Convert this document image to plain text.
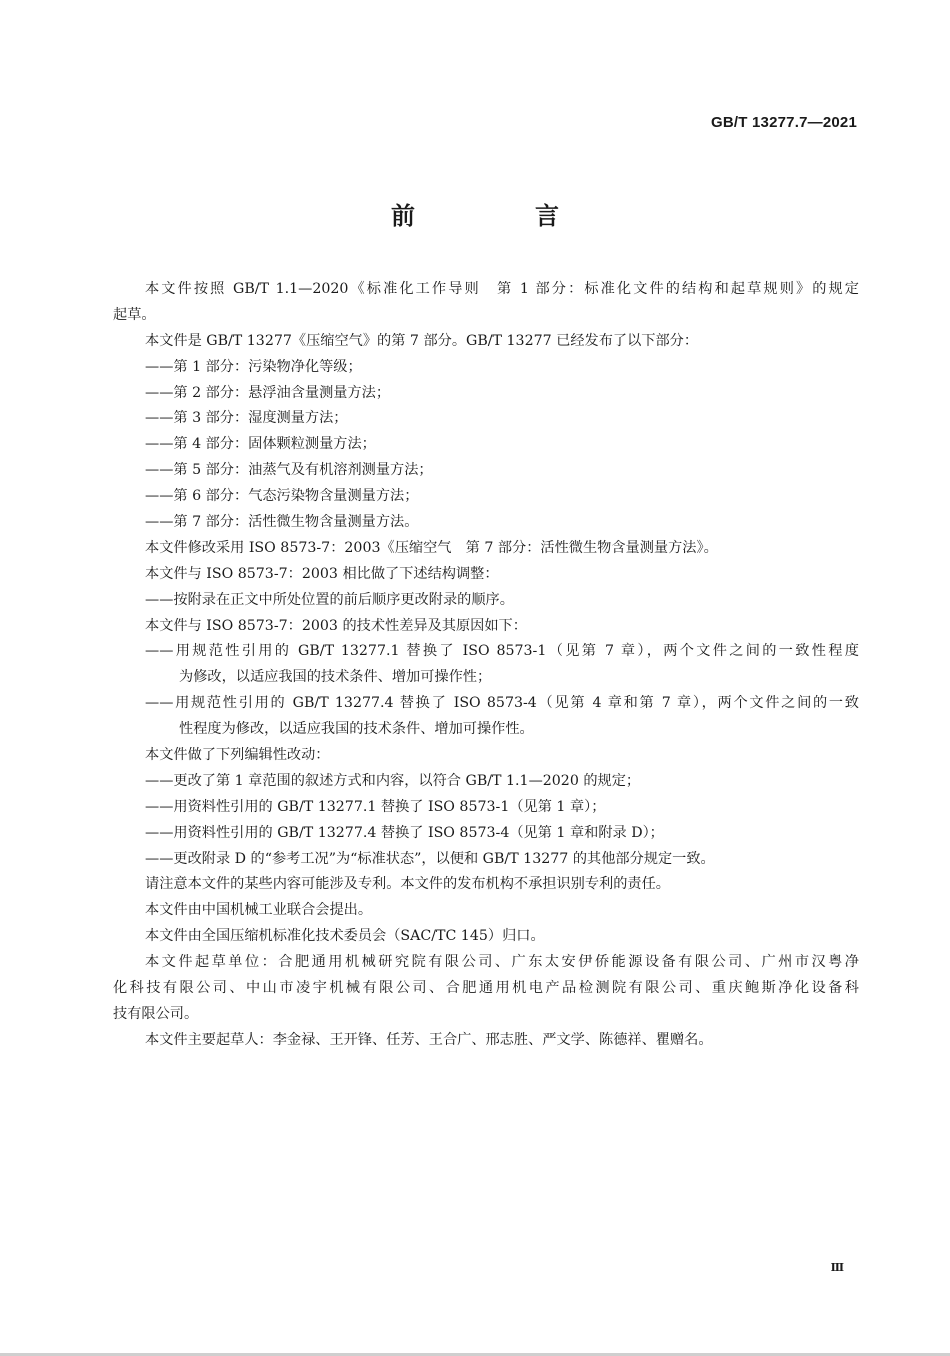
GB/T 13277.7—2021
前　言
本文件按照 GB/T 1.1—2020《标准化工作导则　第 1 部分：标准化文件的结构和起草规则》的规定
起草。
本文件是 GB/T 13277《压缩空气》的第 7 部分。GB/T 13277 已经发布了以下部分：
——第 1 部分：污染物净化等级；
——第 2 部分：悬浮油含量测量方法；
——第 3 部分：湿度测量方法；
——第 4 部分：固体颗粒测量方法；
——第 5 部分：油蒸气及有机溶剂测量方法；
——第 6 部分：气态污染物含量测量方法；
——第 7 部分：活性微生物含量测量方法。
本文件修改采用 ISO 8573-7：2003《压缩空气　第 7 部分：活性微生物含量测量方法》。
本文件与 ISO 8573-7：2003 相比做了下述结构调整：
——按附录在正文中所处位置的前后顺序更改附录的顺序。
本文件与 ISO 8573-7：2003 的技术性差异及其原因如下：
——用规范性引用的 GB/T 13277.1 替换了 ISO 8573-1（见第 7 章），两个文件之间的一致性程度
为修改，以适应我国的技术条件、增加可操作性；
——用规范性引用的 GB/T 13277.4 替换了 ISO 8573-4（见第 4 章和第 7 章），两个文件之间的一致
性程度为修改，以适应我国的技术条件、增加可操作性。
本文件做了下列编辑性改动：
——更改了第 1 章范围的叙述方式和内容，以符合 GB/T 1.1—2020 的规定；
——用资料性引用的 GB/T 13277.1 替换了 ISO 8573-1（见第 1 章）；
——用资料性引用的 GB/T 13277.4 替换了 ISO 8573-4（见第 1 章和附录 D）；
——更改附录 D 的“参考工况”为“标准状态”，以便和 GB/T 13277 的其他部分规定一致。
请注意本文件的某些内容可能涉及专利。本文件的发布机构不承担识别专利的责任。
本文件由中国机械工业联合会提出。
本文件由全国压缩机标准化技术委员会（SAC/TC 145）归口。
本文件起草单位：合肥通用机械研究院有限公司、广东太安伊侨能源设备有限公司、广州市汉粤净
化科技有限公司、中山市凌宇机械有限公司、合肥通用机电产品检测院有限公司、重庆鲍斯净化设备科
技有限公司。
本文件主要起草人：李金禄、王开锋、任芳、王合广、邢志胜、严文学、陈德祥、瞿赠名。
Ⅲ
